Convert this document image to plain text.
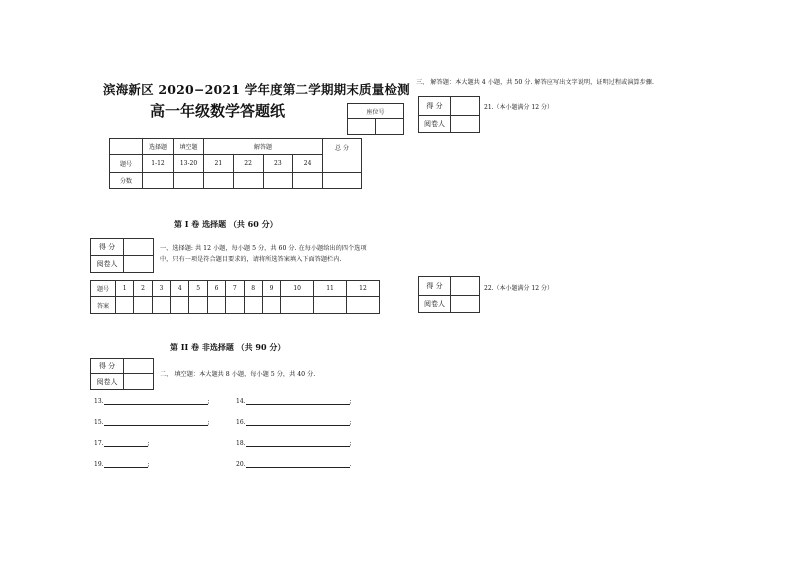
滨海新区 2020−2021 学年度第二学期期末质量检测
高一年级数学答题纸	座位号

	选择题	填空题	解答题				总 分
题号	1-12	13-20	21	22	23	24	
分数							
第 I 卷 选择题 （共 60 分）
得 分	
阅卷人	
一、选择题: 共 12 小题，每小题 5 分，共 60 分. 在每小题给出的四个选项中，只有一项是符合题目要求的，请将所选答案填入下面答题栏内.
题号	1	2	3	4	5	6	7	8	9	10	11	12
答案												
第 II 卷 非选择题 （共 90 分）
得 分	
阅卷人	
二、 填空题：本大题共 8 小题，每小题 5 分，共 40 分.
13.	;	14.	;
15.	;	16.	;
17.	;	18.	;
19.	;	20.	.
三、 解答题：本大题共 4 小题，共 50 分. 解答应写出文字说明，证明过程或演算步骤.
得 分	
阅卷人	
21.（本小题满分 12 分）
得 分	
阅卷人	
22.（本小题满分 12 分）
